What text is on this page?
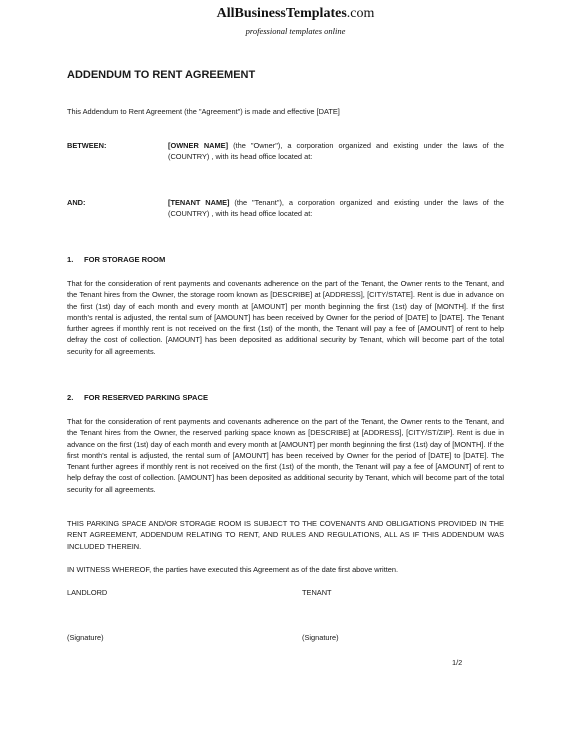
AllBusinessTemplates.com
professional templates online
ADDENDUM TO RENT AGREEMENT
This Addendum to Rent Agreement (the "Agreement") is made and effective [DATE]
BETWEEN:	[OWNER NAME] (the "Owner"), a corporation organized and existing under the laws of the (COUNTRY) , with its head office located at:
AND:	[TENANT NAME] (the "Tenant"), a corporation organized and existing under the laws of the (COUNTRY) , with its head office located at:
1. FOR STORAGE ROOM
That for the consideration of rent payments and covenants adherence on the part of the Tenant, the Owner rents to the Tenant, and the Tenant hires from the Owner, the storage room known as [DESCRIBE] at [ADDRESS], [CITY/STATE]. Rent is due in advance on the first (1st) day of each month and every month at [AMOUNT] per month beginning the first (1st) day of [MONTH]. If the first month's rental is adjusted, the rental sum of [AMOUNT] has been received by Owner for the period of [DATE] to [DATE]. The Tenant further agrees if monthly rent is not received on the first (1st) of the month, the Tenant will pay a fee of [AMOUNT] of rent to help defray the cost of collection. [AMOUNT] has been deposited as additional security by Tenant, which will become part of the total security for all agreements.
2. FOR RESERVED PARKING SPACE
That for the consideration of rent payments and covenants adherence on the part of the Tenant, the Owner rents to the Tenant, and the Tenant hires from the Owner, the reserved parking space known as [DESCRIBE] at [ADDRESS], [CITY/ST/ZIP]. Rent is due in advance on the first (1st) day of each month and every month at [AMOUNT] per month beginning the first (1st) day of [MONTH]. If the first month's rental is adjusted, the rental sum of [AMOUNT] has been received by Owner for the period of [DATE] to [DATE]. The Tenant further agrees if monthly rent is not received on the first (1st) of the month, the Tenant will pay a fee of [AMOUNT] of rent to help defray the cost of collection. [AMOUNT] has been deposited as additional security by Tenant, which will become part of the total security for all agreements.
THIS PARKING SPACE AND/OR STORAGE ROOM IS SUBJECT TO THE COVENANTS AND OBLIGATIONS PROVIDED IN THE RENT AGREEMENT, ADDENDUM RELATING TO RENT, AND RULES AND REGULATIONS, ALL AS IF THIS ADDENDUM WAS INCLUDED THEREIN.
IN WITNESS WHEREOF, the parties have executed this Agreement as of the date first above written.
LANDLORD	TENANT
(Signature)	(Signature)
1/2
